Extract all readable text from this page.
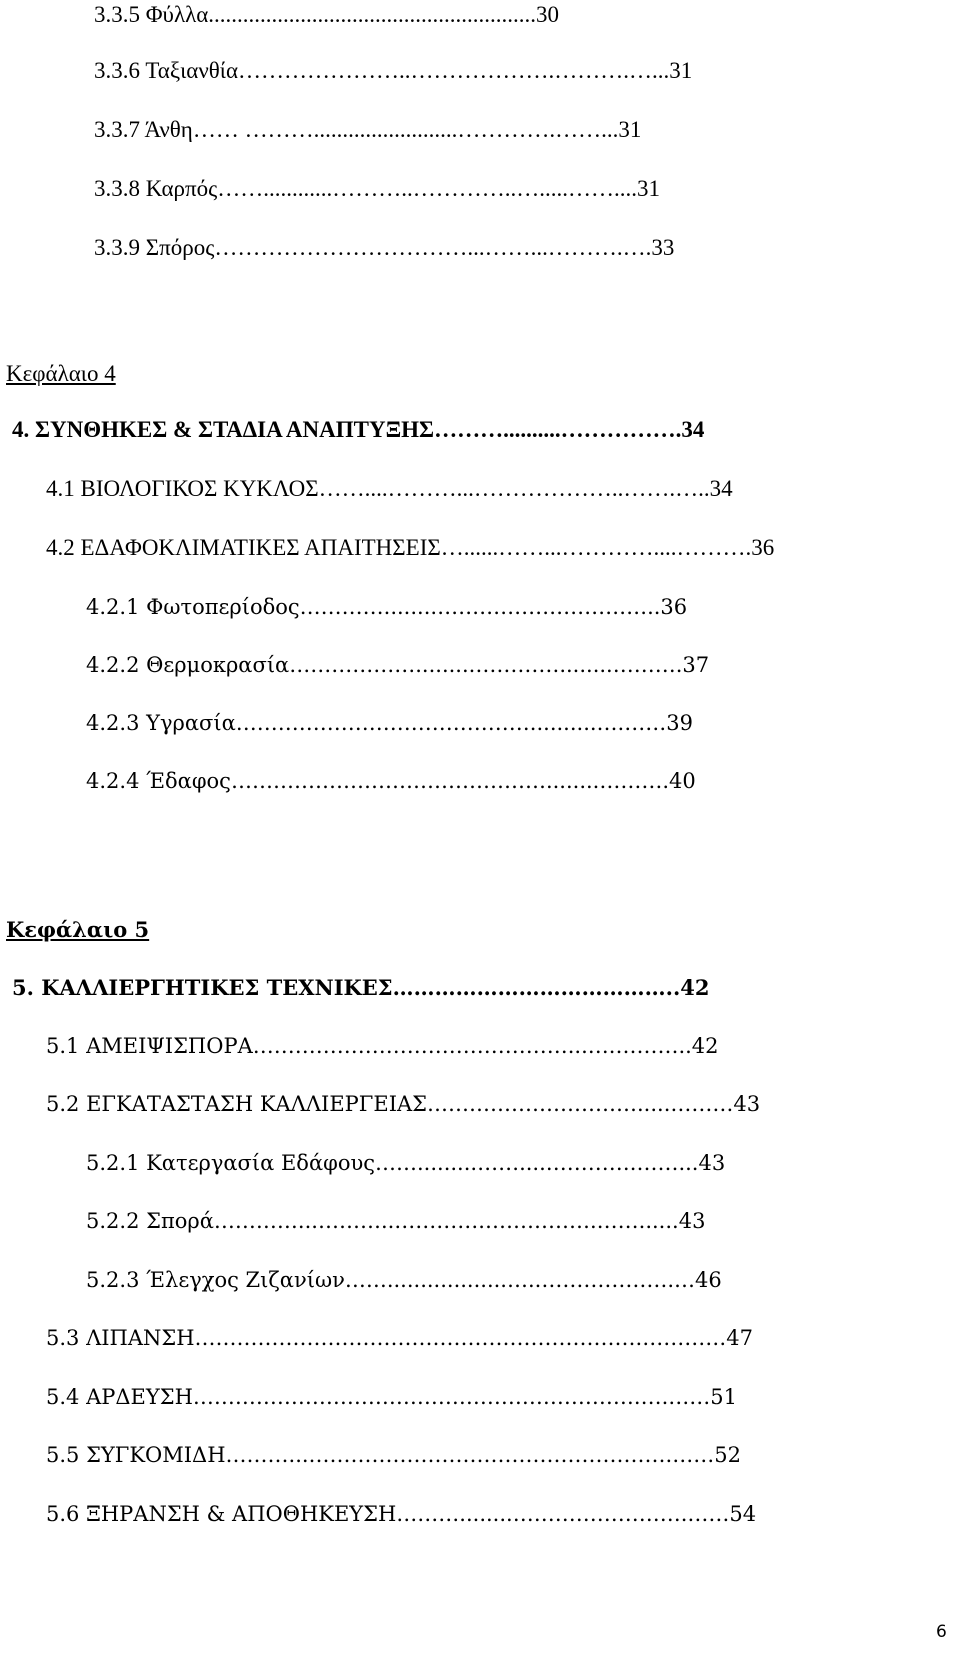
3.3.5 Φύλλα.........................................................30
3.3.6 Ταξιανθία…………………..……………….……….…...31
3.3.7 Άνθη…… ……….........................………….……...31
3.3.8 Καρπός……............………..…………..….....……....31
3.3.9 Σπόρος……………………………...……...……….….33
Κεφάλαιο 4
4. ΣΥΝΘΗΚΕΣ & ΣΤΑΔΙΑ ΑΝΑΠΤΥΞΗΣ………..........…………….34
4.1 ΒΙΟΛΟΓΙΚΟΣ ΚΥΚΛΟΣ……....………...………………..…….…..34
4.2 ΕΔΑΦΟΚΛΙΜΑΤΙΚΕΣ ΑΠΑΙΤΗΣΕΙΣ…......……...…………....……….36
4.2.1 Φωτοπερίοδος…………........…………………………..36
4.2.2 Θερμοκρασία……………….........…………........……….37
4.2.3 Υγρασία……………………………………..........….……39
4.2.4 Έδαφος………………………………………........……….40
Κεφάλαιο 5
5. ΚΑΛΛΙΕΡΓΗΤΙΚΕΣ ΤΕΧΝΙΚΕΣ…………………………………..42
5.1 ΑΜΕΙΨΙΣΠΟΡΑ………………………………………...….………..42
5.2 ΕΓΚΑΤΑΣΤΑΣΗ ΚΑΛΛΙΕΡΓΕΙΑΣ………………………….....………43
5.2.1 Κατεργασία Εδάφους…….........……....………….……...43
5.2.2 Σπορά…………...………..………….…………….……......43
5.2.3 Έλεγχος Ζιζανίων……..................…..……………….…46
5.3 ΛΙΠΑΝΣΗ……………………………………………………….…………47
5.4 ΑΡΔΕΥΣΗ……………………………………………………….….……51
5.5 ΣΥΓΚΟΜΙΔΗ………...…………………………………………….……52
5.6 ΞΗΡΑΝΣΗ & ΑΠΟΘΗΚΕΥΣΗ………........…………………….……54
6
